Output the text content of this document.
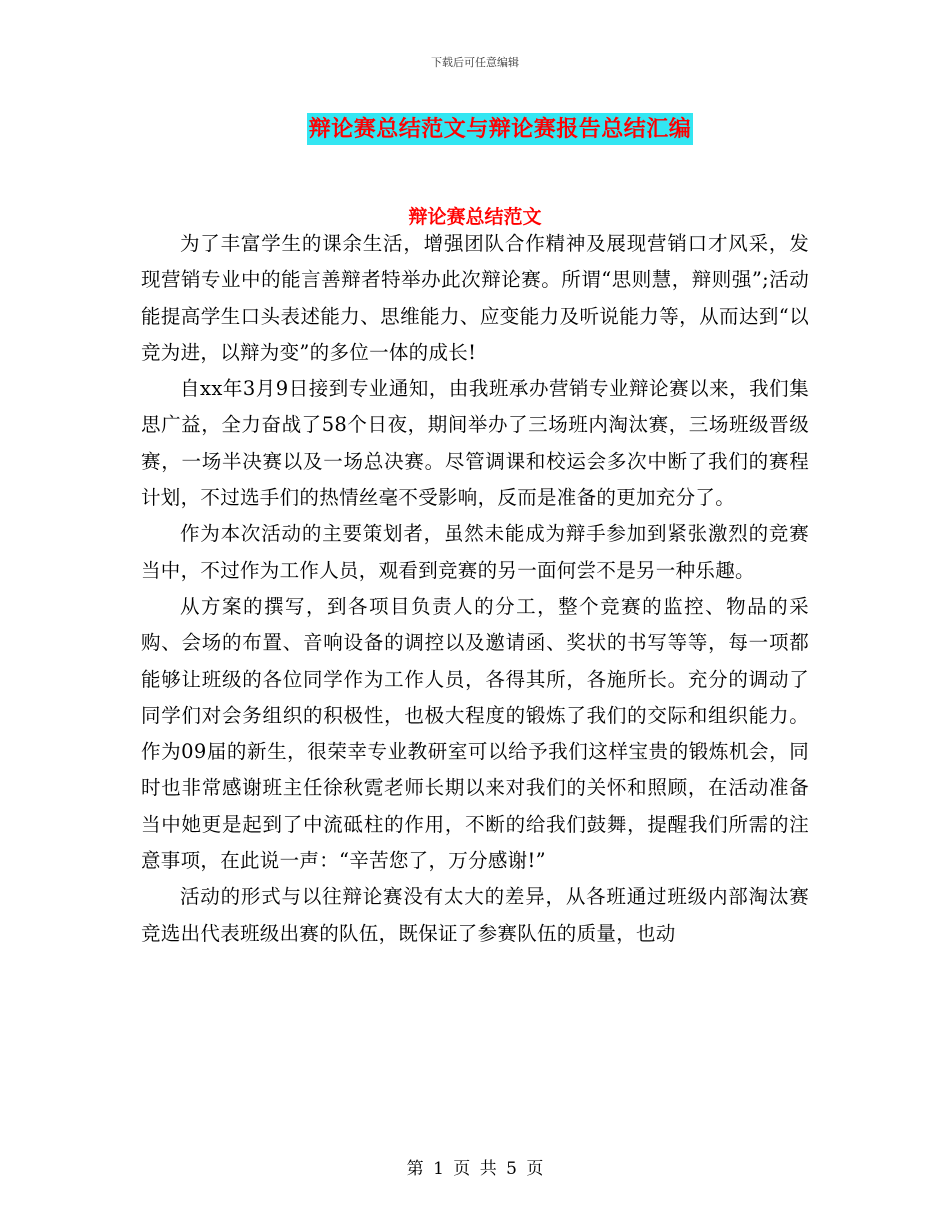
下载后可任意编辑
辩论赛总结范文与辩论赛报告总结汇编
辩论赛总结范文

为了丰富学生的课余生活，增强团队合作精神及展现营销口才风采，发现营销专业中的能言善辩者特举办此次辩论赛。所谓“思则慧，辩则强”;活动能提高学生口头表述能力、思维能力、应变能力及听说能力等，从而达到“以竞为进，以辩为变”的多位一体的成长!

自xx年3月9日接到专业通知，由我班承办营销专业辩论赛以来，我们集思广益，全力奋战了58个日夜，期间举办了三场班内淘汰赛，三场班级晋级赛，一场半决赛以及一场总决赛。尽管调课和校运会多次中断了我们的赛程计划，不过选手们的热情丝毫不受影响，反而是准备的更加充分了。

作为本次活动的主要策划者，虽然未能成为辩手参加到紧张激烈的竞赛当中，不过作为工作人员，观看到竞赛的另一面何尝不是另一种乐趣。

从方案的撰写，到各项目负责人的分工，整个竞赛的监控、物品的采购、会场的布置、音响设备的调控以及邀请函、奖状的书写等等，每一项都能够让班级的各位同学作为工作人员，各得其所，各施所长。充分的调动了同学们对会务组织的积极性，也极大程度的锻炼了我们的交际和组织能力。作为09届的新生，很荣幸专业教研室可以给予我们这样宝贵的锻炼机会，同时也非常感谢班主任徐秋霓老师长期以来对我们的关怀和照顾，在活动准备当中她更是起到了中流砥柱的作用，不断的给我们鼓舞，提醒我们所需的注意事项，在此说一声：“辛苦您了，万分感谢!”

活动的形式与以往辩论赛没有太大的差异，从各班通过班级内部淘汰赛竞选出代表班级出赛的队伍，既保证了参赛队伍的质量，也动

第 1 页 共 5 页
